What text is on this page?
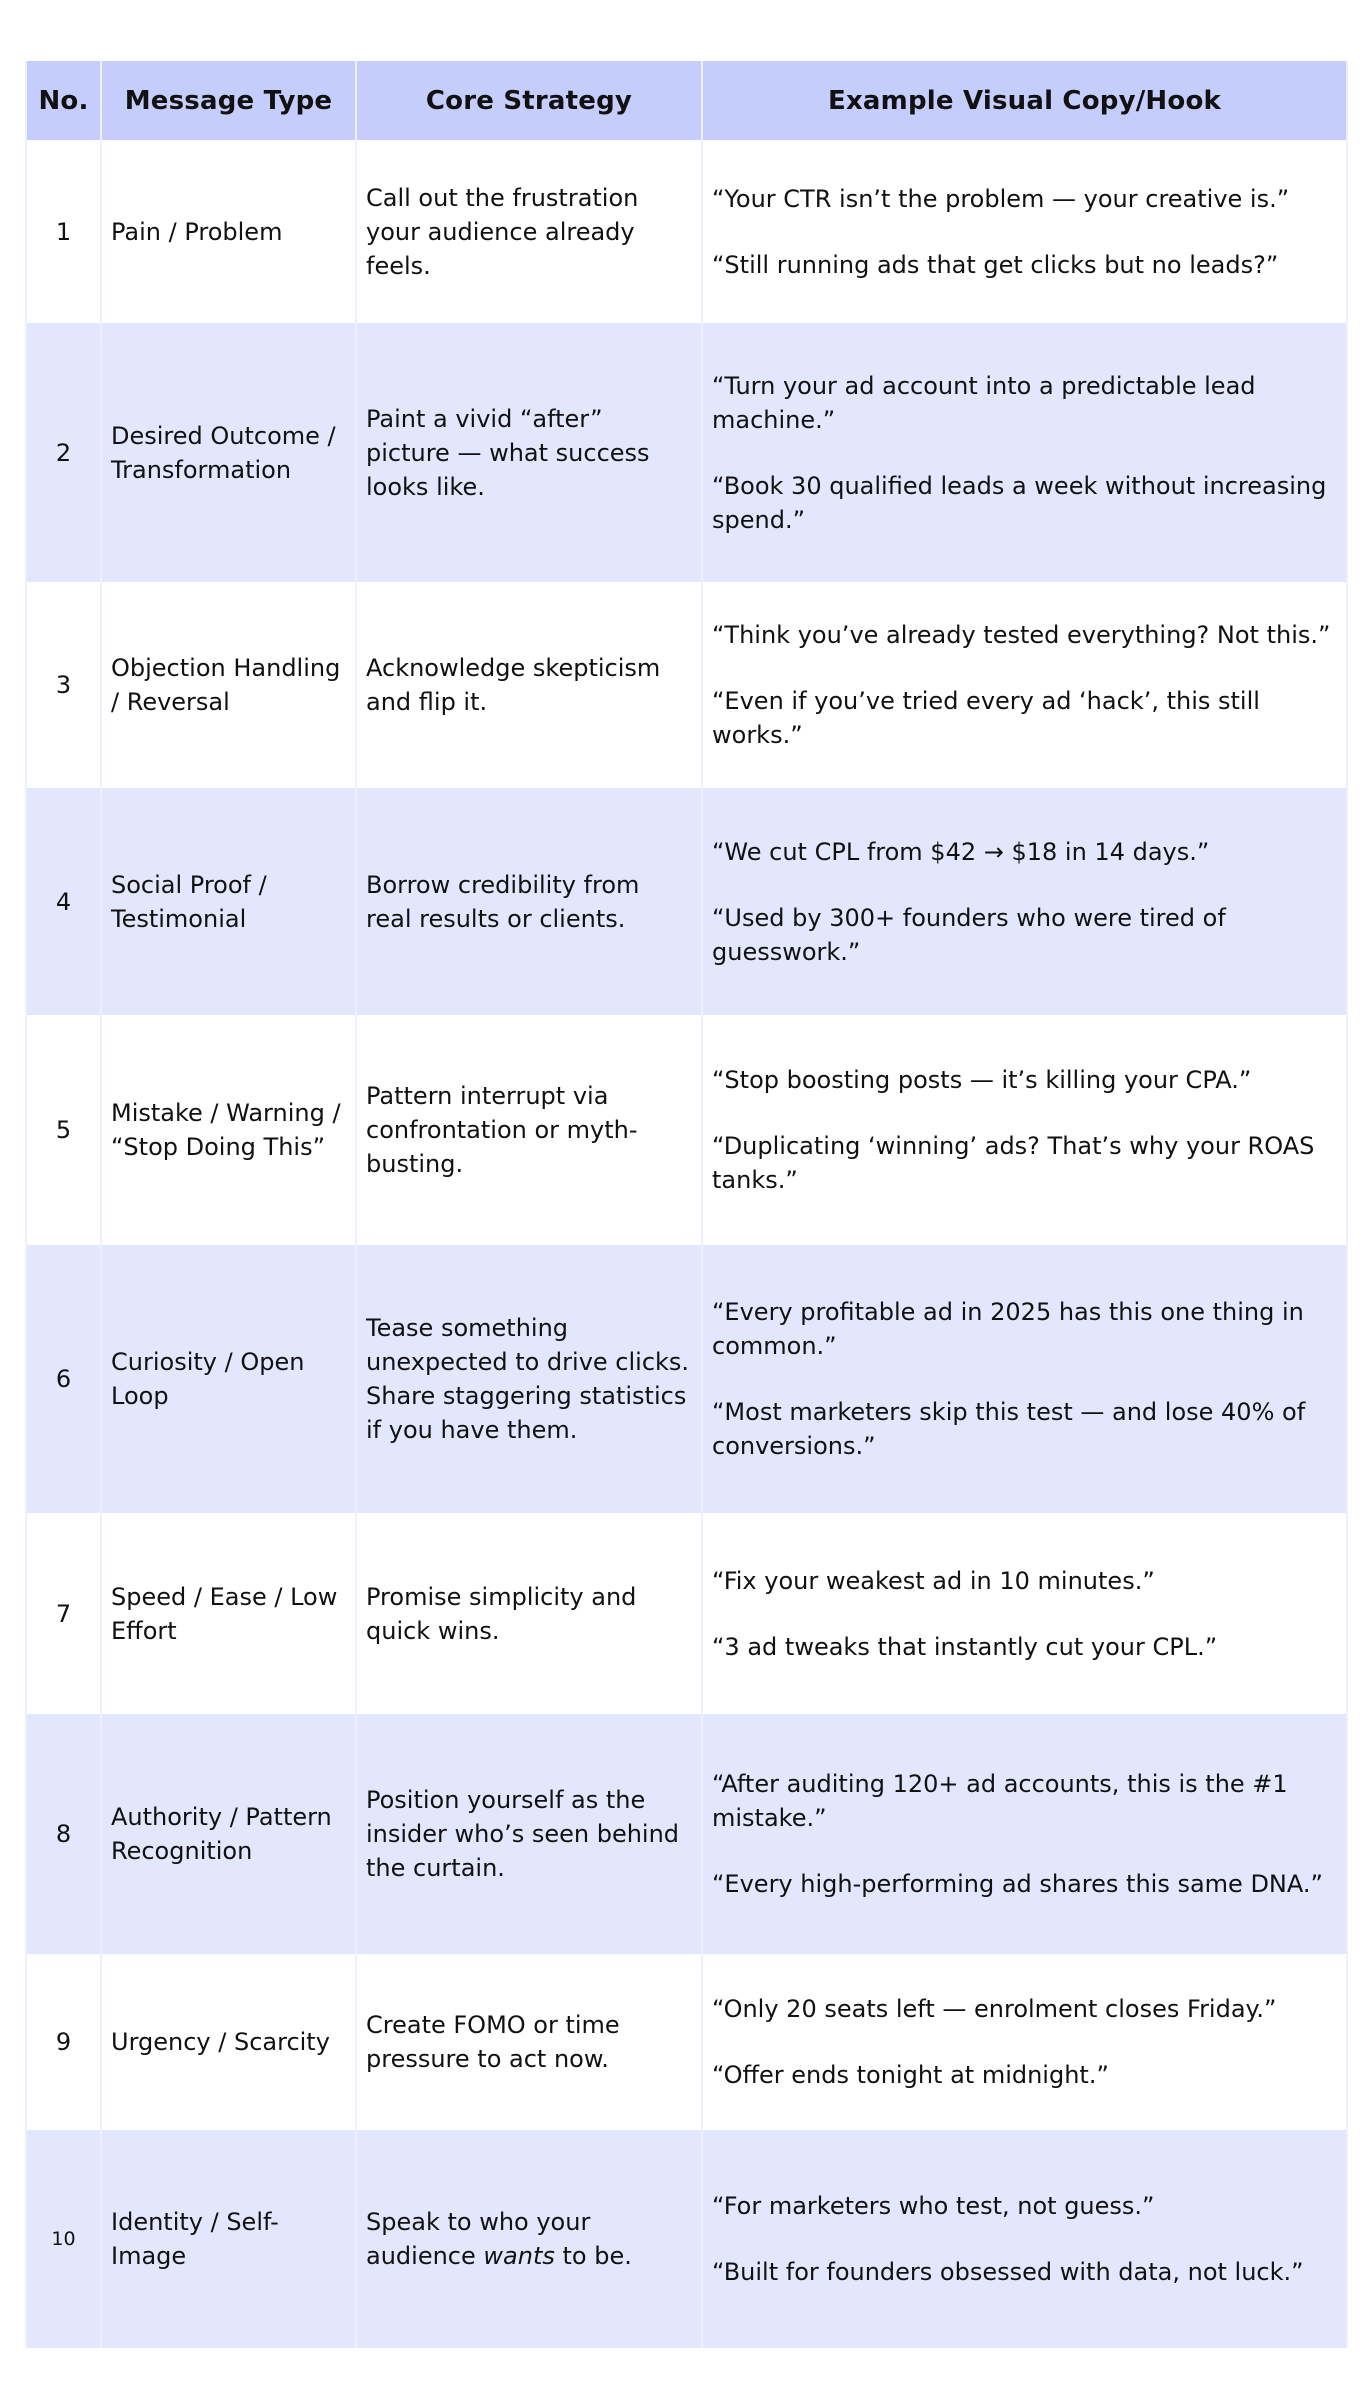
No.	Message Type	Core Strategy	Example Visual Copy/Hook
1	Pain / Problem	Call out the frustration your audience already feels.	“Your CTR isn’t the problem — your creative is.”
“Still running ads that get clicks but no leads?”

2	Desired Outcome / Transformation	Paint a vivid “after” picture — what success looks like.	“Turn your ad account into a predictable lead machine.”
“Book 30 qualified leads a week without increasing spend.”

3	Objection Handling / Reversal	Acknowledge skepticism and flip it.	“Think you’ve already tested everything? Not this.”
“Even if you’ve tried every ad ‘hack’, this still works.”

4	Social Proof / Testimonial	Borrow credibility from real results or clients.	“We cut CPL from $42 → $18 in 14 days.”
“Used by 300+ founders who were tired of guesswork.”

5	Mistake / Warning / “Stop Doing This”	Pattern interrupt via confrontation or myth-busting.	“Stop boosting posts — it’s killing your CPA.”
“Duplicating ‘winning’ ads? That’s why your ROAS tanks.”

6	Curiosity / Open Loop	Tease something unexpected to drive clicks. Share staggering statistics if you have them.	“Every profitable ad in 2025 has this one thing in common.”
“Most marketers skip this test — and lose 40% of conversions.”

7	Speed / Ease / Low Effort	Promise simplicity and quick wins.	“Fix your weakest ad in 10 minutes.”
“3 ad tweaks that instantly cut your CPL.”

8	Authority / Pattern Recognition	Position yourself as the insider who’s seen behind the curtain.	“After auditing 120+ ad accounts, this is the #1 mistake.”
“Every high-performing ad shares this same DNA.”

9	Urgency / Scarcity	Create FOMO or time pressure to act now.	“Only 20 seats left — enrolment closes Friday.”
“Offer ends tonight at midnight.”

10	Identity / Self-Image	Speak to who your audience wants to be.	“For marketers who test, not guess.”
“Built for founders obsessed with data, not luck.”
